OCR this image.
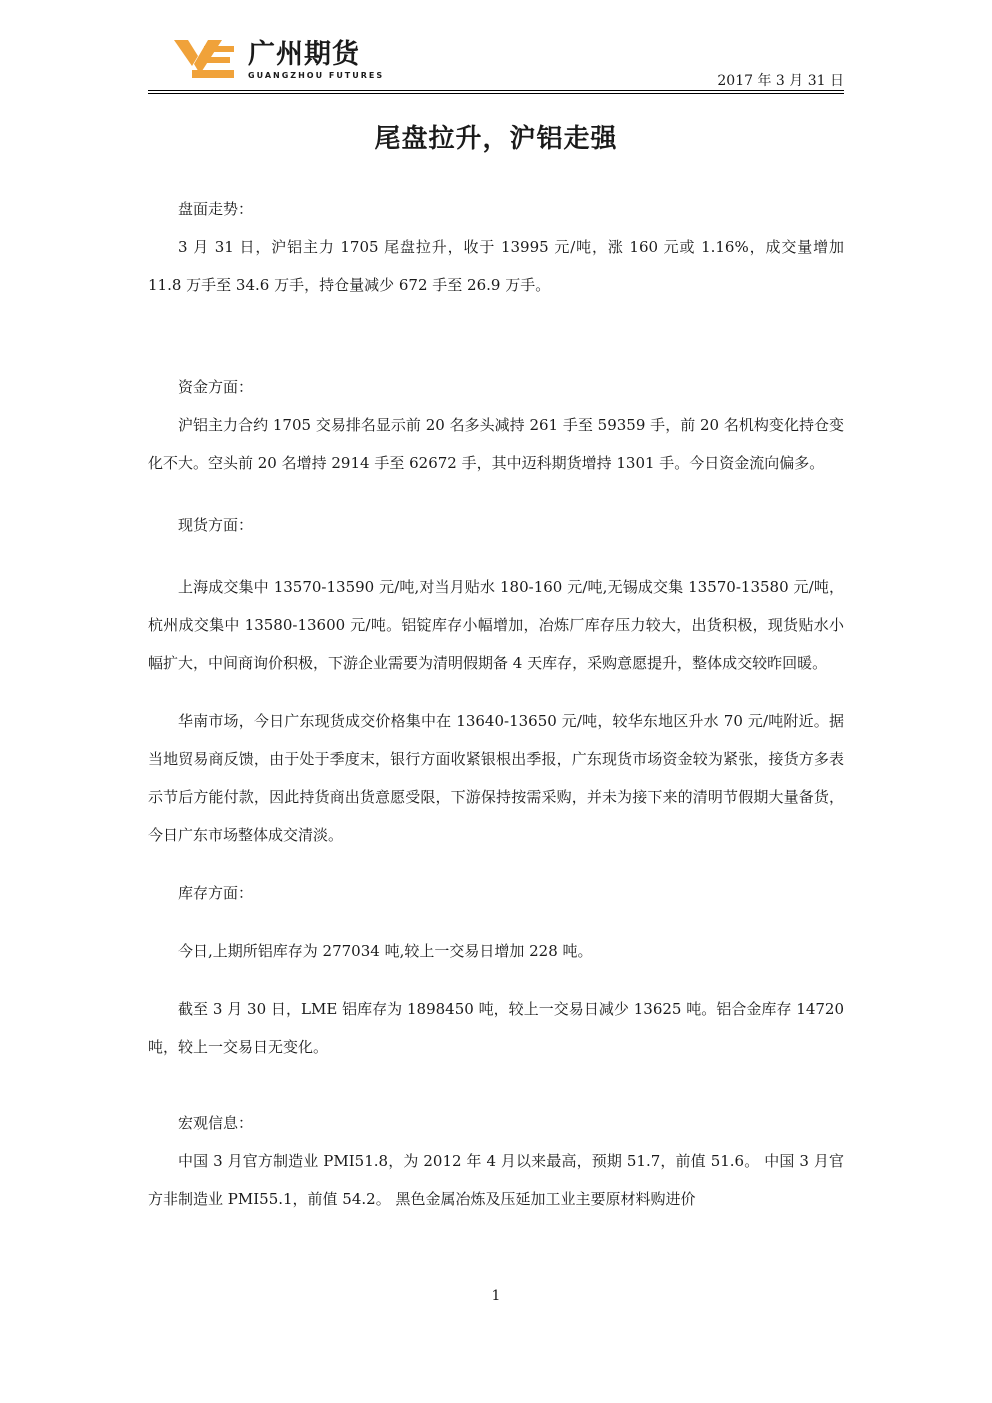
广州期货
GUANGZHOU FUTURES	2017 年 3 月 31 日
尾盘拉升，沪铝走强
盘面走势：

3 月 31 日，沪铝主力 1705 尾盘拉升，收于 13995 元/吨，涨 160 元或 1.16%，成交量增加 11.8 万手至 34.6 万手，持仓量减少 672 手至 26.9 万手。

资金方面：

沪铝主力合约 1705 交易排名显示前 20 名多头减持 261 手至 59359 手，前 20 名机构变化持仓变化不大。空头前 20 名增持 2914 手至 62672 手，其中迈科期货增持 1301 手。今日资金流向偏多。

现货方面：

上海成交集中 13570-13590 元/吨,对当月贴水 180-160 元/吨,无锡成交集 13570-13580 元/吨，杭州成交集中 13580-13600 元/吨。铝锭库存小幅增加，冶炼厂库存压力较大，出货积极，现货贴水小幅扩大，中间商询价积极，下游企业需要为清明假期备 4 天库存，采购意愿提升，整体成交较昨回暖。

华南市场，今日广东现货成交价格集中在 13640-13650 元/吨，较华东地区升水 70 元/吨附近。据当地贸易商反馈，由于处于季度末，银行方面收紧银根出季报，广东现货市场资金较为紧张，接货方多表示节后方能付款，因此持货商出货意愿受限，下游保持按需采购，并未为接下来的清明节假期大量备货，今日广东市场整体成交清淡。

库存方面：

今日,上期所铝库存为 277034 吨,较上一交易日增加 228 吨。

截至 3 月 30 日，LME 铝库存为 1898450 吨，较上一交易日减少 13625 吨。铝合金库存 14720 吨，较上一交易日无变化。

宏观信息：

中国 3 月官方制造业 PMI51.8，为 2012 年 4 月以来最高，预期 51.7，前值 51.6。 中国 3 月官方非制造业 PMI55.1，前值 54.2。 黑色金属冶炼及压延加工业主要原材料购进价

1
